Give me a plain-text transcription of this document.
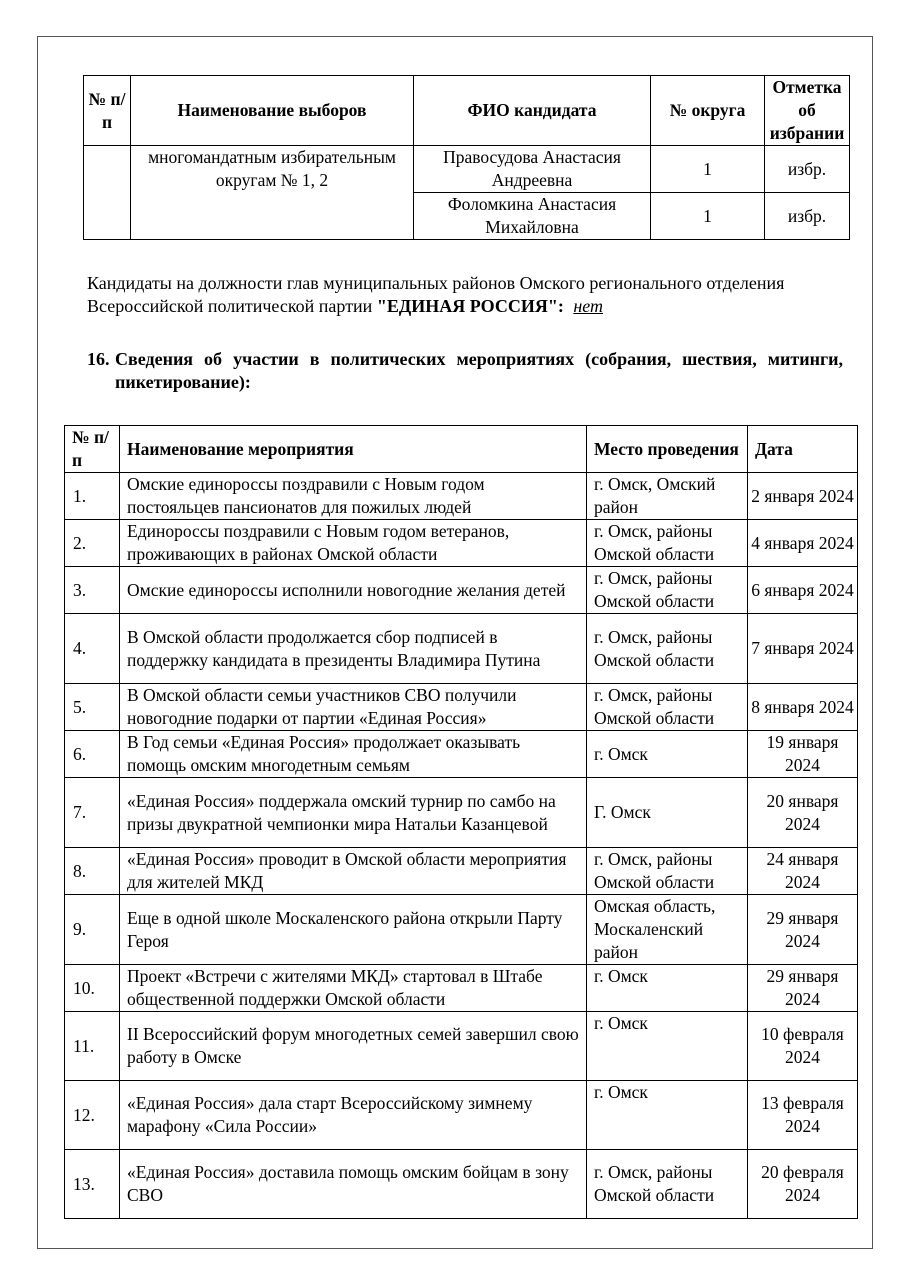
№ п/п	Наименование выборов	ФИО кандидата	№ округа	Отметка об избрании
	многомандатным избирательным округам № 1, 2	Правосудова Анастасия Андреевна	1	избр.
		Фоломкина Анастасия Михайловна	1	избр.
Кандидаты на должности глав муниципальных районов Омского регионального отделения Всероссийской политической партии "ЕДИНАЯ РОССИЯ": нет
16. Сведения об участии в политических мероприятиях (собрания, шествия, митинги, пикетирование):
№ п/п	Наименование мероприятия	Место проведения	Дата
1.	Омские единороссы поздравили с Новым годом постояльцев пансионатов для пожилых людей	г. Омск, Омский район	2 января 2024
2.	Единороссы поздравили с Новым годом ветеранов, проживающих в районах Омской области	г. Омск, районы Омской области	4 января 2024
3.	Омские единороссы исполнили новогодние желания детей	г. Омск, районы Омской области	6 января 2024
4.	В Омской области продолжается сбор подписей в поддержку кандидата в президенты Владимира Путина	г. Омск, районы Омской области	7 января 2024
5.	В Омской области семьи участников СВО получили новогодние подарки от партии «Единая Россия»	г. Омск, районы Омской области	8 января 2024
6.	В Год семьи «Единая Россия» продолжает оказывать помощь омским многодетным семьям	г. Омск	19 января 2024
7.	«Единая Россия» поддержала омский турнир по самбо на призы двукратной чемпионки мира Натальи Казанцевой	Г. Омск	20 января 2024
8.	«Единая Россия» проводит в Омской области мероприятия для жителей МКД	г. Омск, районы Омской области	24 января 2024
9.	Еще в одной школе Москаленского района открыли Парту Героя	Омская область, Москаленский район	29 января 2024
10.	Проект «Встречи с жителями МКД» стартовал в Штабе общественной поддержки Омской области	г. Омск	29 января 2024
11.	II Всероссийский форум многодетных семей завершил свою работу в Омске	г. Омск	10 февраля 2024
12.	«Единая Россия» дала старт Всероссийскому зимнему марафону «Сила России»	г. Омск	13 февраля 2024
13.	«Единая Россия» доставила помощь омским бойцам в зону СВО	г. Омск, районы Омской области	20 февраля 2024
